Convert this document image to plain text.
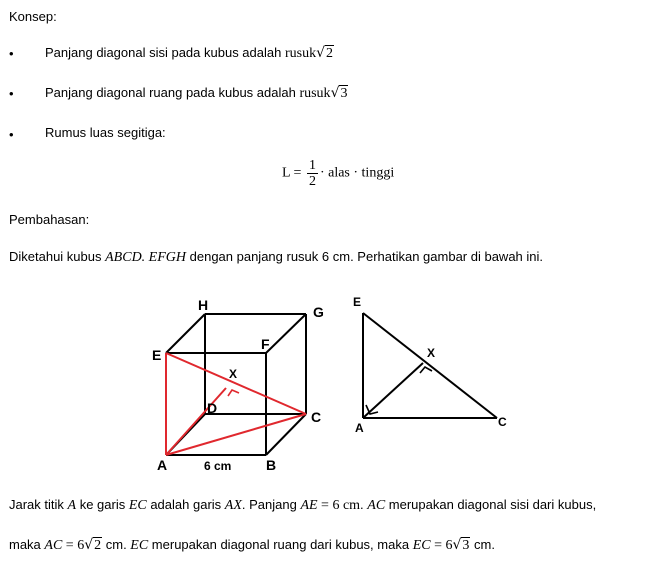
Konsep:
• Panjang diagonal sisi pada kubus adalah rusuk√2
• Panjang diagonal ruang pada kubus adalah rusuk√3
• Rumus luas segitiga:
$L = \frac{1}{2}$ · alas · tinggi
Pembahasan:
Diketahui kubus ABCD. EFGH dengan panjang rusuk 6 cm. Perhatikan gambar di bawah ini.
H	G
E
F
D
C
A	B
X
6 cm
E
X
A	C
Jarak titik A ke garis EC adalah garis AX. Panjang AE = 6 cm. AC merupakan diagonal sisi dari kubus,
maka AC = 6√2 cm. EC merupakan diagonal ruang dari kubus, maka EC = 6√3 cm.
